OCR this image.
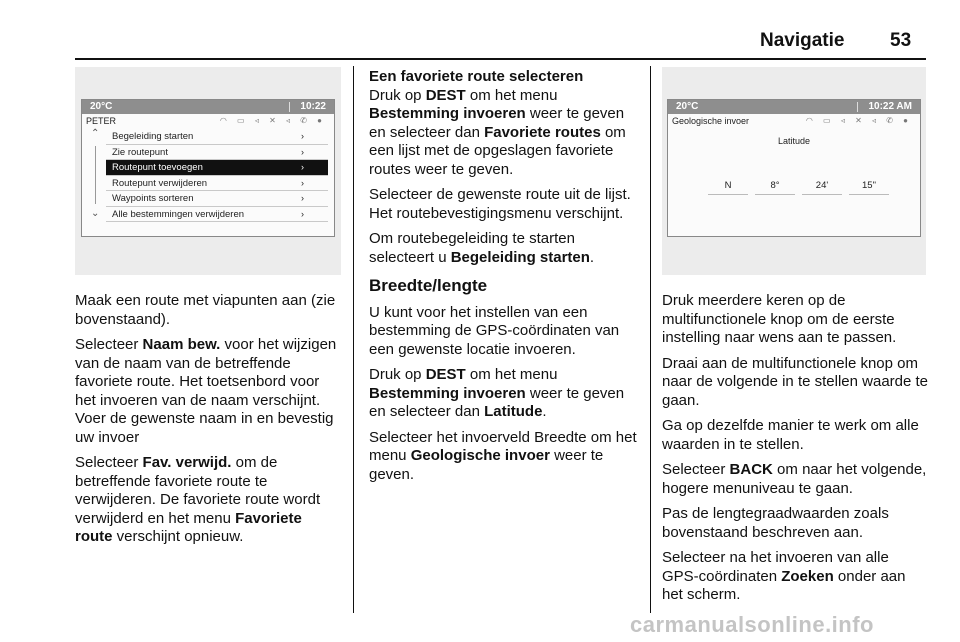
Navigatie 53
20°C	10:22
PETER	◠ ▭ ◃ ✕ ◃ ✆ ●
⌃
⌄
Begeleiding starten	›
Zie routepunt	›
Routepunt toevoegen	›
Routepunt verwijderen	›
Waypoints sorteren	›
Alle bestemmingen verwijderen	›
20°C	10:22 AM
Geologische invoer	◠ ▭ ◃ ✕ ◃ ✆ ●
Latitude
N	8°	24'	15"

Maak een route met viapunten aan (zie bovenstaand).

Selecteer Naam bew. voor het wijzigen van de naam van de betreffende favoriete route. Het toetsenbord voor het invoeren van de naam verschijnt. Voer de gewenste naam in en bevestig uw invoer

Selecteer Fav. verwijd. om de betreffende favoriete route te verwijderen. De favoriete route wordt verwijderd en het menu Favoriete route verschijnt opnieuw.

Een favoriete route selecteren

Druk op DEST om het menu Bestemming invoeren weer te geven en selecteer dan Favoriete routes om een lijst met de opgeslagen favoriete routes weer te geven.

Selecteer de gewenste route uit de lijst. Het routebevestigingsmenu verschijnt.

Om routebegeleiding te starten selecteert u Begeleiding starten.

Breedte/lengte

U kunt voor het instellen van een bestemming de GPS-coördinaten van een gewenste locatie invoeren.

Druk op DEST om het menu Bestemming invoeren weer te geven en selecteer dan Latitude.

Selecteer het invoerveld Breedte om het menu Geologische invoer weer te geven.

Druk meerdere keren op de multifunctionele knop om de eerste instelling naar wens aan te passen.

Draai aan de multifunctionele knop om naar de volgende in te stellen waarde te gaan.

Ga op dezelfde manier te werk om alle waarden in te stellen.

Selecteer BACK om naar het volgende, hogere menuniveau te gaan.

Pas de lengtegraadwaarden zoals bovenstaand beschreven aan.

Selecteer na het invoeren van alle GPS-coördinaten Zoeken onder aan het scherm.

carmanualsonline.info
